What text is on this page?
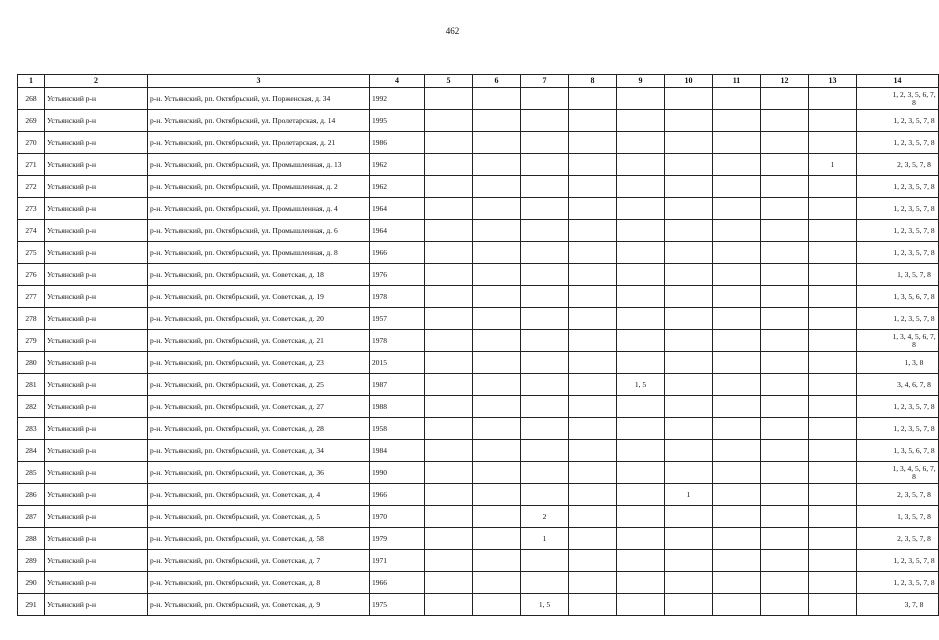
462
1	2	3	4	5	6	7	8	9	10	11	12	13	14
268	Устьянский р-н	р-н. Устьянский, рп. Октябрьский, ул. Порженская, д. 34	1992										1, 2, 3, 5, 6, 7, 8
269	Устьянский р-н	р-н. Устьянский, рп. Октябрьский, ул. Пролетарская, д. 14	1995										1, 2, 3, 5, 7, 8
270	Устьянский р-н	р-н. Устьянский, рп. Октябрьский, ул. Пролетарская, д. 21	1986										1, 2, 3, 5, 7, 8
271	Устьянский р-н	р-н. Устьянский, рп. Октябрьский, ул. Промышленная, д. 13	1962									1	2, 3, 5, 7, 8
272	Устьянский р-н	р-н. Устьянский, рп. Октябрьский, ул. Промышленная, д. 2	1962										1, 2, 3, 5, 7, 8
273	Устьянский р-н	р-н. Устьянский, рп. Октябрьский, ул. Промышленная, д. 4	1964										1, 2, 3, 5, 7, 8
274	Устьянский р-н	р-н. Устьянский, рп. Октябрьский, ул. Промышленная, д. 6	1964										1, 2, 3, 5, 7, 8
275	Устьянский р-н	р-н. Устьянский, рп. Октябрьский, ул. Промышленная, д. 8	1966										1, 2, 3, 5, 7, 8
276	Устьянский р-н	р-н. Устьянский, рп. Октябрьский, ул. Советская, д. 18	1976										1, 3, 5, 7, 8
277	Устьянский р-н	р-н. Устьянский, рп. Октябрьский, ул. Советская, д. 19	1978										1, 3, 5, 6, 7, 8
278	Устьянский р-н	р-н. Устьянский, рп. Октябрьский, ул. Советская, д. 20	1957										1, 2, 3, 5, 7, 8
279	Устьянский р-н	р-н. Устьянский, рп. Октябрьский, ул. Советская, д. 21	1978										1, 3, 4, 5, 6, 7, 8
280	Устьянский р-н	р-н. Устьянский, рп. Октябрьский, ул. Советская, д. 23	2015										1, 3, 8
281	Устьянский р-н	р-н. Устьянский, рп. Октябрьский, ул. Советская, д. 25	1987					1, 5					3, 4, 6, 7, 8
282	Устьянский р-н	р-н. Устьянский, рп. Октябрьский, ул. Советская, д. 27	1988										1, 2, 3, 5, 7, 8
283	Устьянский р-н	р-н. Устьянский, рп. Октябрьский, ул. Советская, д. 28	1958										1, 2, 3, 5, 7, 8
284	Устьянский р-н	р-н. Устьянский, рп. Октябрьский, ул. Советская, д. 34	1984										1, 3, 5, 6, 7, 8
285	Устьянский р-н	р-н. Устьянский, рп. Октябрьский, ул. Советская, д. 36	1990										1, 3, 4, 5, 6, 7, 8
286	Устьянский р-н	р-н. Устьянский, рп. Октябрьский, ул. Советская, д. 4	1966						1				2, 3, 5, 7, 8
287	Устьянский р-н	р-н. Устьянский, рп. Октябрьский, ул. Советская, д. 5	1970			2							1, 3, 5, 7, 8
288	Устьянский р-н	р-н. Устьянский, рп. Октябрьский, ул. Советская, д. 58	1979			1							2, 3, 5, 7, 8
289	Устьянский р-н	р-н. Устьянский, рп. Октябрьский, ул. Советская, д. 7	1971										1, 2, 3, 5, 7, 8
290	Устьянский р-н	р-н. Устьянский, рп. Октябрьский, ул. Советская, д. 8	1966										1, 2, 3, 5, 7, 8
291	Устьянский р-н	р-н. Устьянский, рп. Октябрьский, ул. Советская, д. 9	1975			1, 5							3, 7, 8
